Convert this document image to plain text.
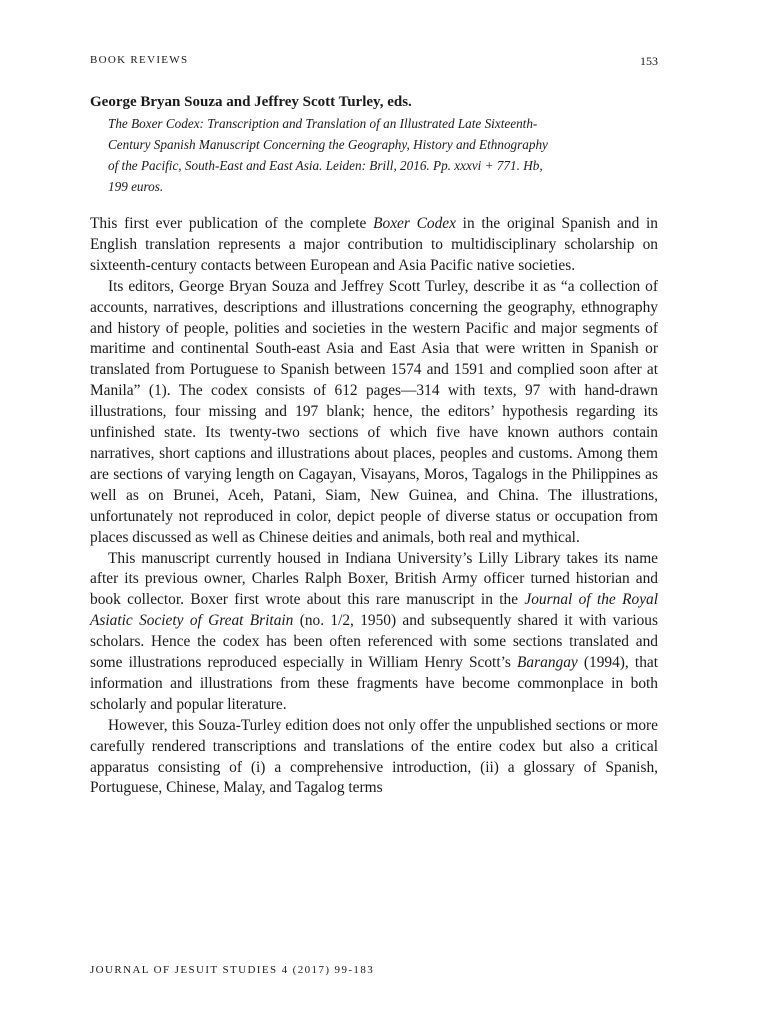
BOOK REVIEWS	153
George Bryan Souza and Jeffrey Scott Turley, eds.
The Boxer Codex: Transcription and Translation of an Illustrated Late Sixteenth-
Century Spanish Manuscript Concerning the Geography, History and Ethnography
of the Pacific, South-East and East Asia. Leiden: Brill, 2016. Pp. xxxvi + 771. Hb,
199 euros.

This first ever publication of the complete Boxer Codex in the original Spanish and in English translation represents a major contribution to multidisciplinary scholarship on sixteenth-century contacts between European and Asia Pacific native societies.

Its editors, George Bryan Souza and Jeffrey Scott Turley, describe it as “a collection of accounts, narratives, descriptions and illustrations concerning the geography, ethnography and history of people, polities and societies in the western Pacific and major segments of maritime and continental South-east Asia and East Asia that were written in Spanish or translated from Portuguese to Spanish between 1574 and 1591 and complied soon after at Manila” (1). The codex consists of 612 pages—314 with texts, 97 with hand-drawn illustrations, four missing and 197 blank; hence, the editors’ hypothesis regarding its unfinished state. Its twenty-two sections of which five have known authors contain narratives, short captions and illustrations about places, peoples and customs. Among them are sections of varying length on Cagayan, Visayans, Moros, Tagalogs in the Philippines as well as on Brunei, Aceh, Patani, Siam, New Guinea, and China. The illustrations, unfortunately not reproduced in color, depict people of diverse status or occupation from places discussed as well as Chinese deities and animals, both real and mythical.

This manuscript currently housed in Indiana University’s Lilly Library takes its name after its previous owner, Charles Ralph Boxer, British Army officer turned historian and book collector. Boxer first wrote about this rare manuscript in the Journal of the Royal Asiatic Society of Great Britain (no. 1/2, 1950) and subsequently shared it with various scholars. Hence the codex has been often referenced with some sections translated and some illustrations reproduced especially in William Henry Scott’s Barangay (1994), that information and illustrations from these fragments have become commonplace in both scholarly and popular literature.

However, this Souza-Turley edition does not only offer the unpublished sections or more carefully rendered transcriptions and translations of the entire codex but also a critical apparatus consisting of (i) a comprehensive introduction, (ii) a glossary of Spanish, Portuguese, Chinese, Malay, and Tagalog terms

JOURNAL OF JESUIT STUDIES 4 (2017) 99-183
